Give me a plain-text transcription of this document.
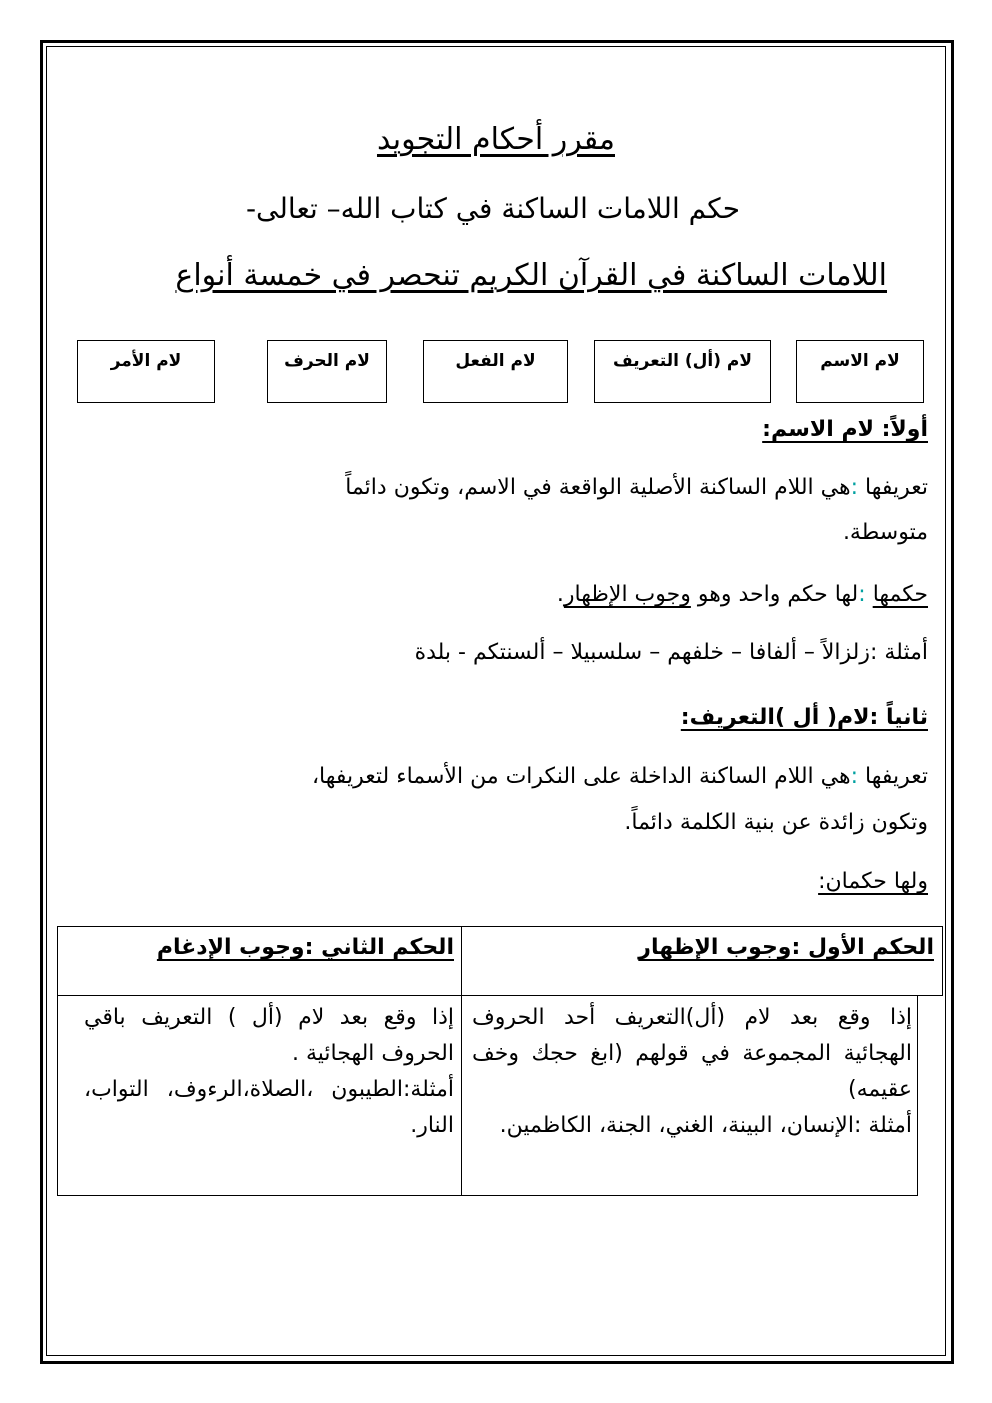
مقرر أحكام التجويد
حكم اللامات الساكنة في كتاب الله– تعالى-
اللامات الساكنة في القرآن الكريم تنحصر في خمسة أنواع
لام الاسم
لام (أل) التعريف
لام الفعل
لام الحرف
لام الأمر
أولاً: لام الاسم:
تعريفها :هي اللام الساكنة الأصلية الواقعة في الاسم، وتكون دائماً
متوسطة.
حكمها :لها حكم واحد وهو وجوب الإظهار.
أمثلة :زلزالاً – ألفافا – خلفهم – سلسبيلا – ألسنتكم - بلدة
ثانياً :لام( أل )التعريف:
تعريفها :هي اللام الساكنة الداخلة على النكرات من الأسماء لتعريفها،
وتكون زائدة عن بنية الكلمة دائماً.
ولها حكمان:
الحكم الأول :وجوب الإظهار
الحكم الثاني :وجوب الإدغام
إذا وقع بعد لام (أل)التعريف أحد الحروف الهجائية المجموعة في قولهم (ابغ حجك وخف عقيمه)
أمثلة :الإنسان، البينة، الغني، الجنة، الكاظمين.
إذا وقع بعد لام (أل ) التعريف باقي الحروف الهجائية .
أمثلة:الطيبون ،الصلاة،الرءوف، التواب، النار.
